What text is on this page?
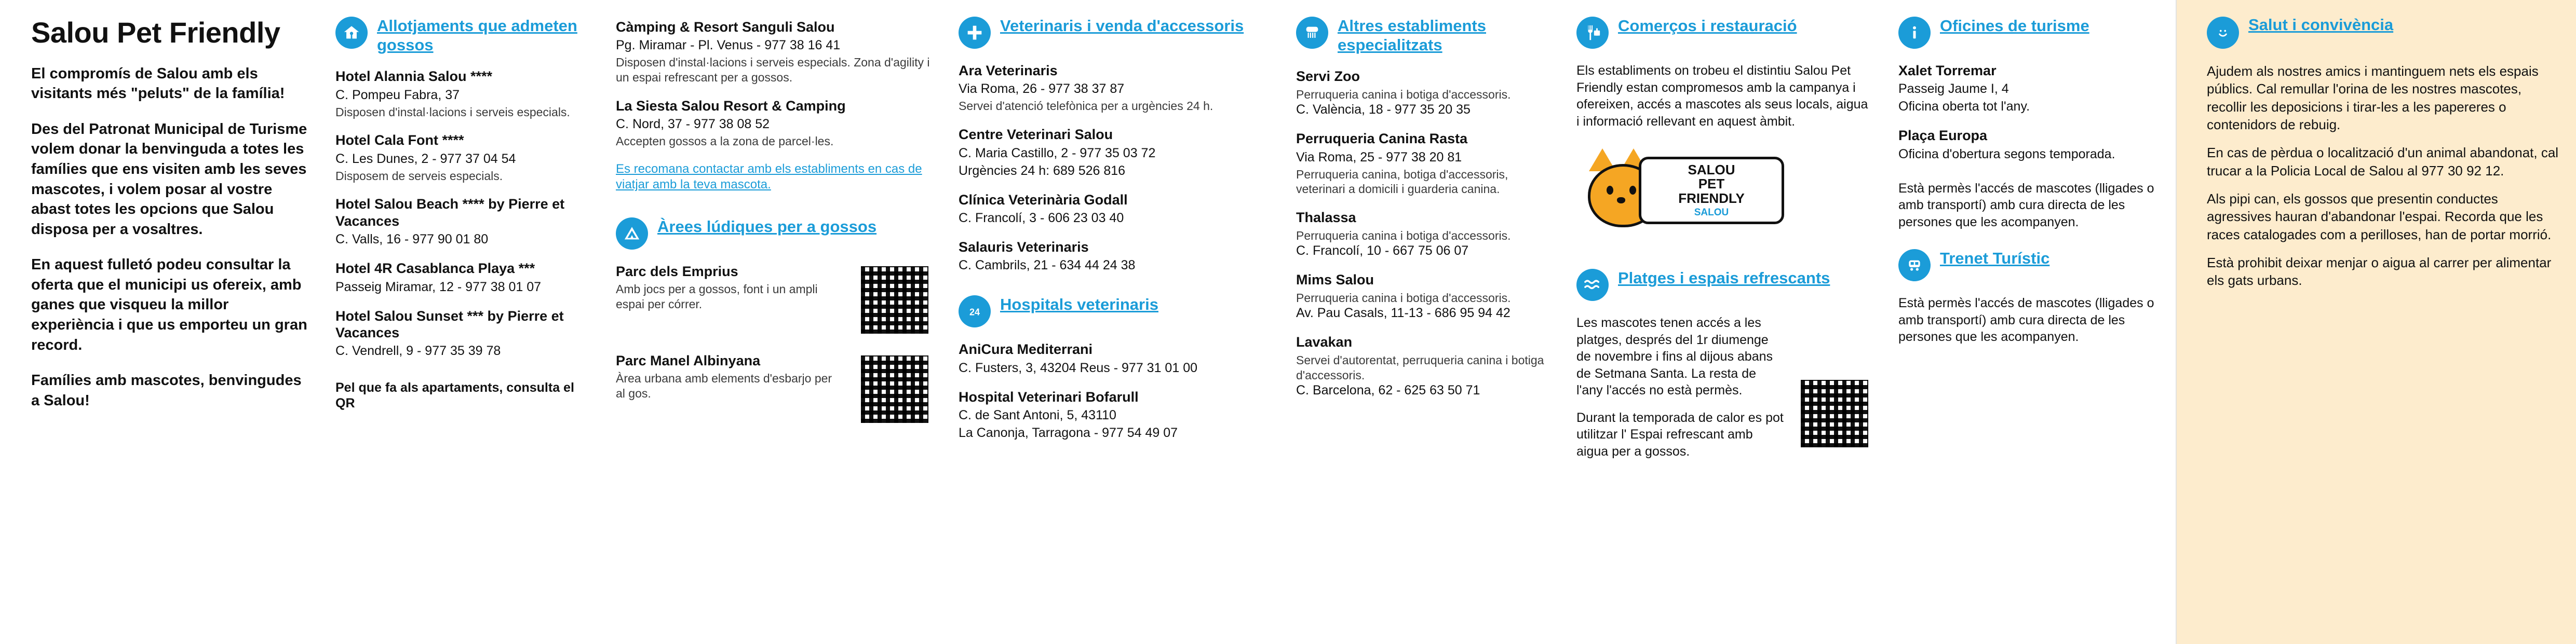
Salou Pet Friendly

El compromís de Salou amb els visitants més "peluts" de la família!

Des del Patronat Municipal de Turisme volem donar la benvinguda a totes les famílies que ens visiten amb les seves mascotes, i volem posar al vostre abast totes les opcions que Salou disposa per a vosaltres.

En aquest fulletó podeu consultar la oferta que el municipi us ofereix, amb ganes que visqueu la millor experiència i que us emporteu un gran record.

Famílies amb mascotes, benvingudes a Salou!

Allotjaments que admeten gossos
Hotel Alannia Salou ****
C. Pompeu Fabra, 37
Disposen d'instal·lacions i serveis especials.
Hotel Cala Font ****
C. Les Dunes, 2 - 977 37 04 54
Disposem de serveis especials.
Hotel Salou Beach **** by Pierre et Vacances
C. Valls, 16 - 977 90 01 80
Hotel 4R Casablanca Playa ***
Passeig Miramar, 12 - 977 38 01 07
Hotel Salou Sunset *** by Pierre et Vacances
C. Vendrell, 9 - 977 35 39 78
Pel que fa als apartaments, consulta el QR
Càmping & Resort Sanguli Salou
Pg. Miramar - Pl. Venus - 977 38 16 41
Disposen d'instal·lacions i serveis especials. Zona d'agility i un espai refrescant per a gossos.
La Siesta Salou Resort & Camping
C. Nord, 37 - 977 38 08 52
Accepten gossos a la zona de parcel·les.
Es recomana contactar amb els establiments en cas de viatjar amb la teva mascota.
Àrees lúdiques per a gossos
Parc dels Emprius
Amb jocs per a gossos, font i un ampli espai per córrer.
Parc Manel Albinyana
Àrea urbana amb elements d'esbarjo per al gos.
Veterinaris i venda d'accessoris
Ara Veterinaris
Via Roma, 26 - 977 38 37 87
Servei d'atenció telefònica per a urgències 24 h.
Centre Veterinari Salou
C. Maria Castillo, 2 - 977 35 03 72
Urgències 24 h: 689 526 816
Clínica Veterinària Godall
C. Francolí, 3 - 606 23 03 40
Salauris Veterinaris
C. Cambrils, 21 - 634 44 24 38
24 Hospitals veterinaris
AniCura Mediterrani
C. Fusters, 3, 43204 Reus - 977 31 01 00
Hospital Veterinari Bofarull
C. de Sant Antoni, 5, 43110
La Canonja, Tarragona - 977 54 49 07
Altres establiments especialitzats
Servi Zoo
Perruqueria canina i botiga d'accessoris.
C. València, 18 - 977 35 20 35
Perruqueria Canina Rasta
Via Roma, 25 - 977 38 20 81
Perruqueria canina, botiga d'accessoris, veterinari a domicili i guarderia canina.
Thalassa
Perruqueria canina i botiga d'accessoris.
C. Francolí, 10 - 667 75 06 07
Mims Salou
Perruqueria canina i botiga d'accessoris.
Av. Pau Casals, 11-13 - 686 95 94 42
Lavakan
Servei d'autorentat, perruqueria canina i botiga d'accessoris.
C. Barcelona, 62 - 625 63 50 71
Comerços i restauració

Els establiments on trobeu el distintiu Salou Pet Friendly estan compromesos amb la campanya i ofereixen, accés a mascotes als seus locals, aigua i informació rellevant en aquest àmbit.

SALOU
PET
FRIENDLY
SALOU
Platges i espais refrescants

Les mascotes tenen accés a les platges, després del 1r diumenge de novembre i fins al dijous abans de Setmana Santa. La resta de l'any l'accés no està permès.

Durant la temporada de calor es pot utilitzar l' Espai refrescant amb aigua per a gossos.

Oficines de turisme
Xalet Torremar
Passeig Jaume I, 4
Oficina oberta tot l'any.
Plaça Europa
Oficina d'obertura segons temporada.

Està permès l'accés de mascotes (lligades o amb transportí) amb cura directa de les persones que les acompanyen.

Trenet Turístic

Està permès l'accés de mascotes (lligades o amb transportí) amb cura directa de les persones que les acompanyen.

Salut i convivència

Ajudem als nostres amics i mantinguem nets els espais públics. Cal remullar l'orina de les nostres mascotes, recollir les deposicions i tirar-les a les papereres o contenidors de rebuig.

En cas de pèrdua o localització d'un animal abandonat, cal trucar a la Policia Local de Salou al 977 30 92 12.

Als pipi can, els gossos que presentin conductes agressives hauran d'abandonar l'espai. Recorda que les races catalogades com a perilloses, han de portar morrió.

Està prohibit deixar menjar o aigua al carrer per alimentar els gats urbans.
